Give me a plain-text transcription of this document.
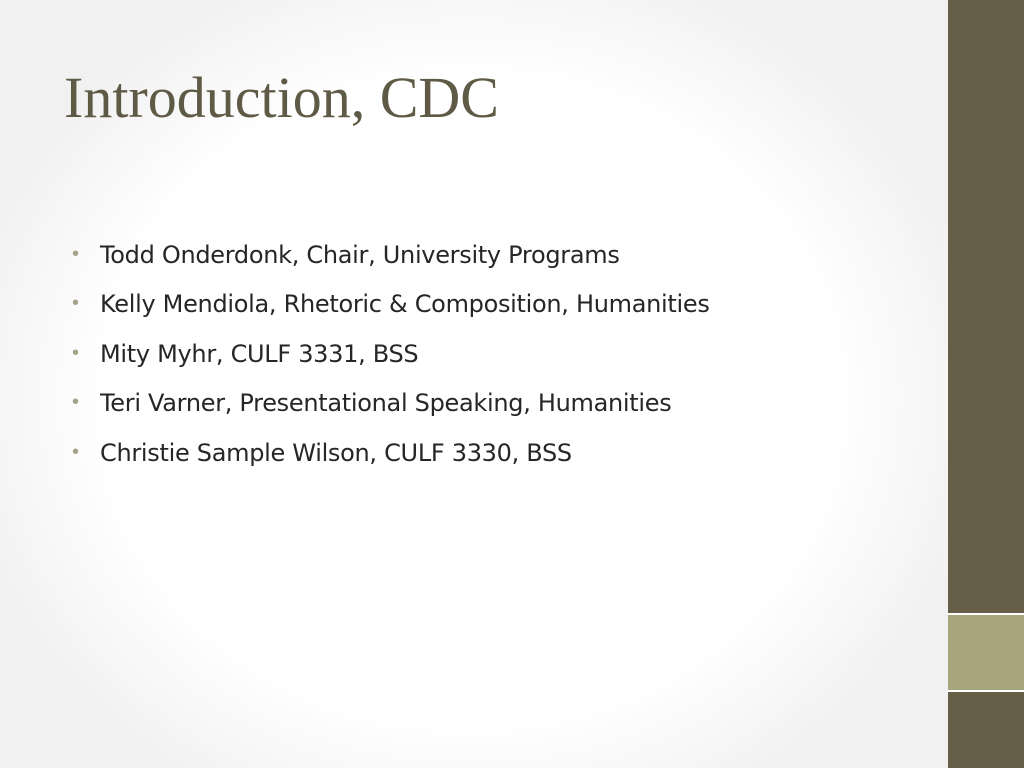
Introduction, CDC
• Todd Onderdonk, Chair, University Programs
• Kelly Mendiola, Rhetoric & Composition, Humanities
• Mity Myhr, CULF 3331, BSS
• Teri Varner, Presentational Speaking, Humanities
• Christie Sample Wilson, CULF 3330, BSS
